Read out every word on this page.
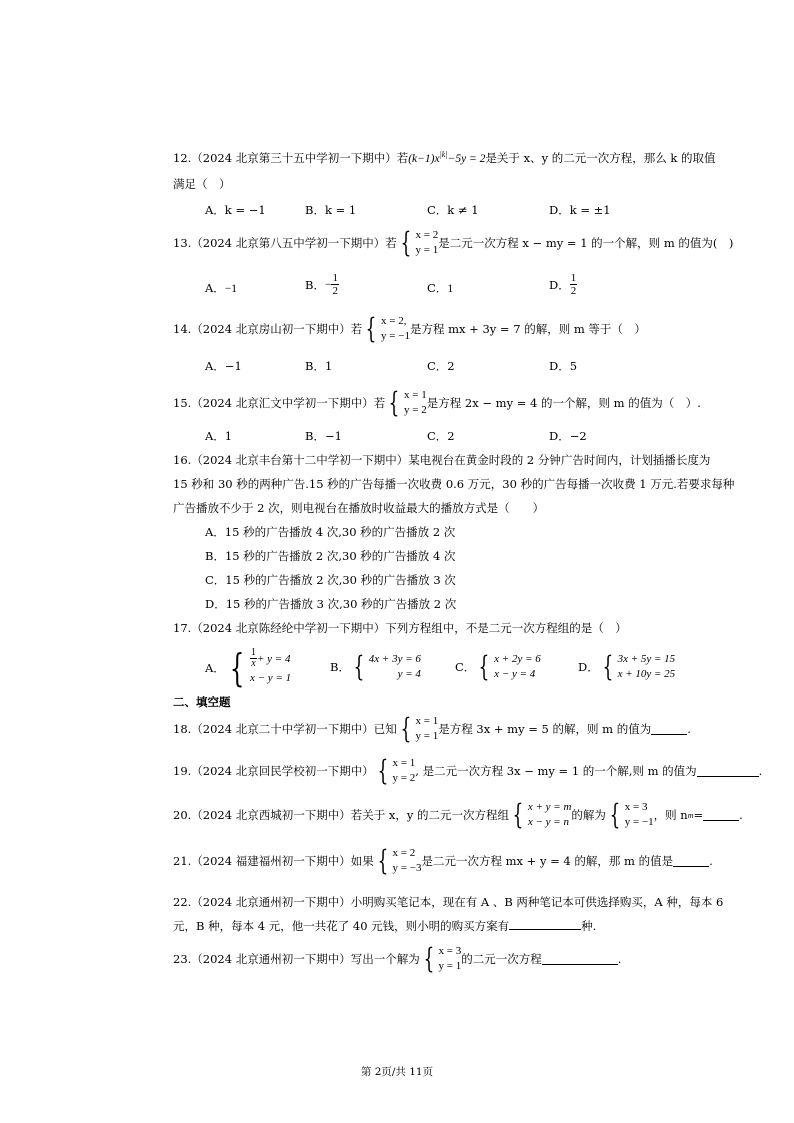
12.（2024 北京第三十五中学初一下期中）若$(k-1)x^{|k|}-5y = 2$是关于 x、y 的二元一次方程，那么 k 的取值
满足（　）
A．k = −1	B．k = 1	C．k ≠ 1	D．k = ±1
13. （2024 北京第八五中学初一下期中）若 { x = 2
y = 1 是二元一次方程 x − my = 1 的一个解，则 m 的值为(　)
A．−1	B． − $\frac{1}{2}$	C．1	D． $\frac{1}{2}$
14. （2024 北京房山初一下期中）若 { x = 2,
y = −1 是方程 mx + 3y = 7 的解，则 m 等于（　）
A．−1	B．1	C．2	D．5
15. （2024 北京汇文中学初一下期中）若 { x = 1
y = 2 是方程 2x − my = 4 的一个解，则 m 的值为（　）.
A．1	B．−1	C．2	D．−2
16.（2024 北京丰台第十二中学初一下期中）某电视台在黄金时段的 2 分钟广告时间内，计划插播长度为
15 秒和 30 秒的两种广告.15 秒的广告每播一次收费 0.6 万元，30 秒的广告每播一次收费 1 万元.若要求每种
广告播放不少于 2 次，则电视台在播放时收益最大的播放方式是（　　）
A．15 秒的广告播放 4 次,30 秒的广告播放 2 次
B．15 秒的广告播放 2 次,30 秒的广告播放 4 次
C．15 秒的广告播放 2 次,30 秒的广告播放 3 次
D．15 秒的广告播放 3 次,30 秒的广告播放 2 次
17.（2024 北京陈经纶中学初一下期中）下列方程组中，不是二元一次方程组的是（　）
A． { $\frac{1}{x} + y = 4$
x − y = 1
B． { 4x + 3y = 6
y = 4	C． { x + 2y = 6
x − y = 4	D． { 3x + 5y = 15
x + 10y = 25
二、填空题
18.（2024 北京二十中学初一下期中）已知 { x = 1
y = 1 是方程 3x + my = 5 的解，则 m 的值为	.
19.（2024 北京回民学校初一下期中） { x = 1
y = 2 , 是二元一次方程 3x − my = 1 的一个解,则 m 的值为	.
20.（2024 北京西城初一下期中）若关于 x，y 的二元一次方程组 { x + y = m
x − y = n 的解为 { x = 3
y = −1 ，则 n m =	.
21.（2024 福建福州初一下期中）如果 { x = 2
y = −3 是二元一次方程 mx + y = 4 的解，那 m 的值是	.
22.（2024 北京通州初一下期中）小明购买笔记本，现在有 A 、B 两种笔记本可供选择购买，A 种，每本 6
元，B 种，每本 4 元，他一共花了 40 元钱，则小明的购买方案有	种.
23.（2024 北京通州初一下期中）写出一个解为 { x = 3
y = 1 的二元一次方程	.
第 2页/共 11页
